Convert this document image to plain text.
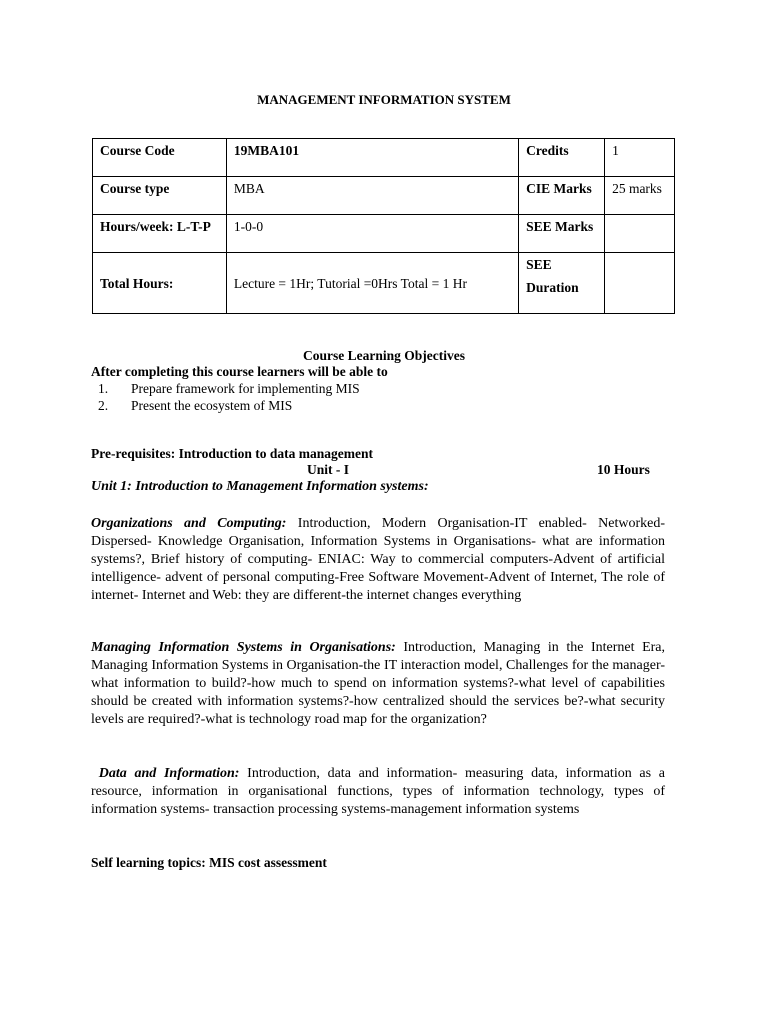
MANAGEMENT INFORMATION SYSTEM
Course Code	19MBA101	Credits	1
Course type	MBA	CIE Marks	25 marks
Hours/week: L-T-P	1-0-0	SEE Marks	
Total Hours:	Lecture = 1Hr; Tutorial =0Hrs Total = 1 Hr	SEE
Duration	

Course Learning Objectives
After completing this course learners will be able to
1. Prepare framework for implementing MIS
2. Present the ecosystem of MIS
Pre-requisites: Introduction to data management
Unit - I	10 Hours
Unit 1: Introduction to Management Information systems:
Organizations and Computing: Introduction, Modern Organisation-IT enabled- Networked-Dispersed- Knowledge Organisation, Information Systems in Organisations- what are information systems?, Brief history of computing- ENIAC: Way to commercial computers-Advent of artificial intelligence- advent of personal computing-Free Software Movement-Advent of Internet, The role of internet- Internet and Web: they are different-the internet changes everything
Managing Information Systems in Organisations: Introduction, Managing in the Internet Era, Managing Information Systems in Organisation-the IT interaction model, Challenges for the manager-what information to build?-how much to spend on information systems?-what level of capabilities should be created with information systems?-how centralized should the services be?-what security levels are required?-what is technology road map for the organization?
Data and Information: Introduction, data and information- measuring data, information as a resource, information in organisational functions, types of information technology, types of information systems- transaction processing systems-management information systems
Self learning topics: MIS cost assessment
